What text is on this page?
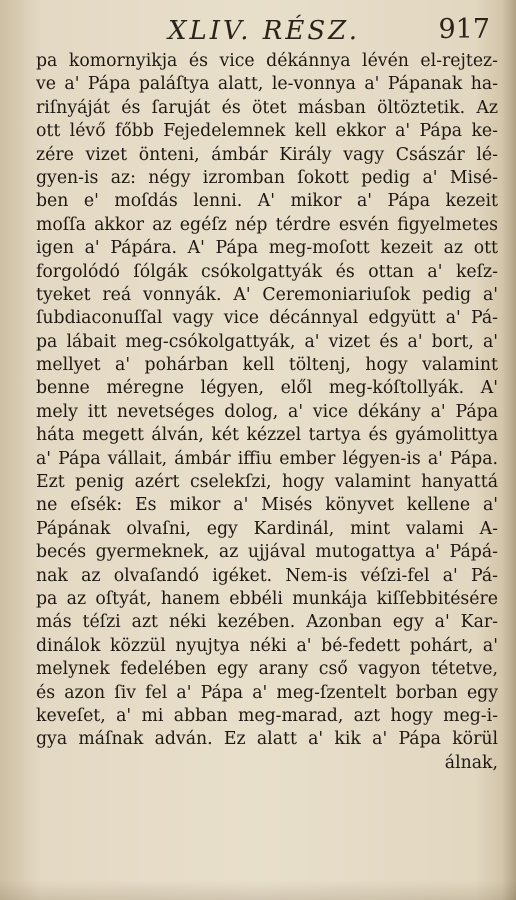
XLIV. RÉSZ.	917
pa komornyikja és vice dékánnya lévén el-rejtez-
ve a' Pápa paláſtya alatt, le-vonnya a' Pápanak ha-
riſnyáját és ſaruját és ötet másban öltöztetik. Az
ott lévő főbb Fejedelemnek kell ekkor a' Pápa ke-
zére vizet önteni, ámbár Király vagy Császár lé-
gyen-is az: négy izromban ſokott pedig a' Misé-
ben e' moſdás lenni. A' mikor a' Pápa kezeit
moſſa akkor az egéſz nép térdre esvén figyelmetes
igen a' Pápára. A' Pápa meg-moſott kezeit az ott
forgolódó ſólgák csókolgattyák és ottan a' keſz-
tyeket reá vonnyák. A' Ceremoniariuſok pedig a'
ſubdiaconuſſal vagy vice décánnyal edgyütt a' Pá-
pa lábait meg-csókolgattyák, a' vizet és a' bort, a'
mellyet a' pohárban kell töltenj, hogy valamint
benne méregne légyen, elől meg-kóſtollyák. A'
mely itt nevetséges dolog, a' vice dékány a' Pápa
háta megett álván, két kézzel tartya és gyámolittya
a' Pápa vállait, ámbár iffiu ember légyen-is a' Pápa.
Ezt penig azért cselekſzi, hogy valamint hanyattá
ne eſsék: Es mikor a' Misés könyvet kellene a'
Pápának olvaſni, egy Kardinál, mint valami A-
becés gyermeknek, az ujjával mutogattya a' Pápá-
nak az olvaſandó igéket. Nem-is véſzi-fel a' Pá-
pa az oſtyát, hanem ebbéli munkája kiſſebbitésére
más téſzi azt néki kezében. Azonban egy a' Kar-
dinálok közzül nyujtya néki a' bé-fedett pohárt, a'
melynek fedelében egy arany cső vagyon tétetve,
és azon ſiv fel a' Pápa a' meg-ſzentelt borban egy
keveſet, a' mi abban meg-marad, azt hogy meg-i-
gya máſnak adván. Ez alatt a' kik a' Pápa körül
álnak,
